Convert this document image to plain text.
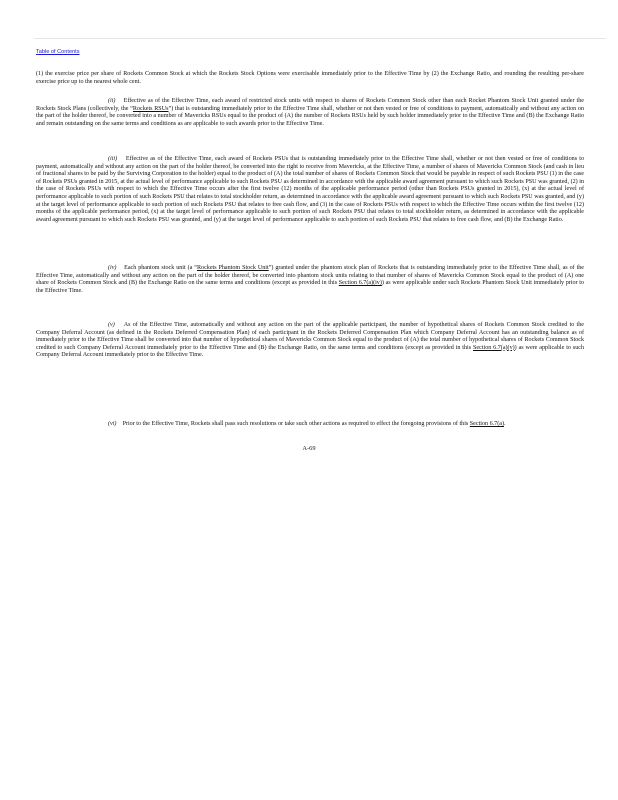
Table of Contents

(1) the exercise price per share of Rockets Common Stock at which the Rockets Stock Options were exercisable immediately prior to the Effective Time by (2) the Exchange Ratio, and rounding the resulting per-share exercise price up to the nearest whole cent.

(ii) Effective as of the Effective Time, each award of restricted stock units with respect to shares of Rockets Common Stock other than each Rocket Phantom Stock Unit granted under the Rockets Stock Plans (collectively, the “Rockets RSUs”) that is outstanding immediately prior to the Effective Time shall, whether or not then vested or free of conditions to payment, automatically and without any action on the part of the holder thereof, be converted into a number of Mavericks RSUs equal to the product of (A) the number of Rockets RSUs held by such holder immediately prior to the Effective Time and (B) the Exchange Ratio and remain outstanding on the same terms and conditions as are applicable to such awards prior to the Effective Time.

(iii) Effective as of the Effective Time, each award of Rockets PSUs that is outstanding immediately prior to the Effective Time shall, whether or not then vested or free of conditions to payment, automatically and without any action on the part of the holder thereof, be converted into the right to receive from Mavericks, at the Effective Time, a number of shares of Mavericks Common Stock (and cash in lieu of fractional shares to be paid by the Surviving Corporation to the holder) equal to the product of (A) the total number of shares of Rockets Common Stock that would be payable in respect of such Rockets PSU (1) in the case of Rockets PSUs granted in 2015, at the actual level of performance applicable to such Rockets PSU as determined in accordance with the applicable award agreement pursuant to which such Rockets PSU was granted, (2) in the case of Rockets PSUs with respect to which the Effective Time occurs after the first twelve (12) months of the applicable performance period (other than Rockets PSUs granted in 2015), (x) at the actual level of performance applicable to such portion of such Rockets PSU that relates to total stockholder return, as determined in accordance with the applicable award agreement pursuant to which such Rockets PSU was granted, and (y) at the target level of performance applicable to such portion of such Rockets PSU that relates to free cash flow, and (3) in the case of Rockets PSUs with respect to which the Effective Time occurs within the first twelve (12) months of the applicable performance period, (x) at the target level of performance applicable to such portion of such Rockets PSU that relates to total stockholder return, as determined in accordance with the applicable award agreement pursuant to which such Rockets PSU was granted, and (y) at the target level of performance applicable to such portion of such Rockets PSU that relates to free cash flow, and (B) the Exchange Ratio.

(iv) Each phantom stock unit (a “Rockets Phantom Stock Unit”) granted under the phantom stock plan of Rockets that is outstanding immediately prior to the Effective Time shall, as of the Effective Time, automatically and without any action on the part of the holder thereof, be converted into phantom stock units relating to that number of shares of Mavericks Common Stock equal to the product of (A) one share of Rockets Common Stock and (B) the Exchange Ratio on the same terms and conditions (except as provided in this Section 6.7(a)(iv)) as were applicable under such Rockets Phantom Stock Unit immediately prior to the Effective Time.

(v) As of the Effective Time, automatically and without any action on the part of the applicable participant, the number of hypothetical shares of Rockets Common Stock credited to the Company Deferral Account (as defined in the Rockets Deferred Compensation Plan) of each participant in the Rockets Deferred Compensation Plan which Company Deferral Account has an outstanding balance as of immediately prior to the Effective Time shall be converted into that number of hypothetical shares of Mavericks Common Stock equal to the product of (A) the total number of hypothetical shares of Rockets Common Stock credited to such Company Deferral Account immediately prior to the Effective Time and (B) the Exchange Ratio, on the same terms and conditions (except as provided in this Section 6.7(a)(v)) as were applicable to such Company Deferral Account immediately prior to the Effective Time.

(vi) Prior to the Effective Time, Rockets shall pass such resolutions or take such other actions as required to effect the foregoing provisions of this Section 6.7(a).

A-69
